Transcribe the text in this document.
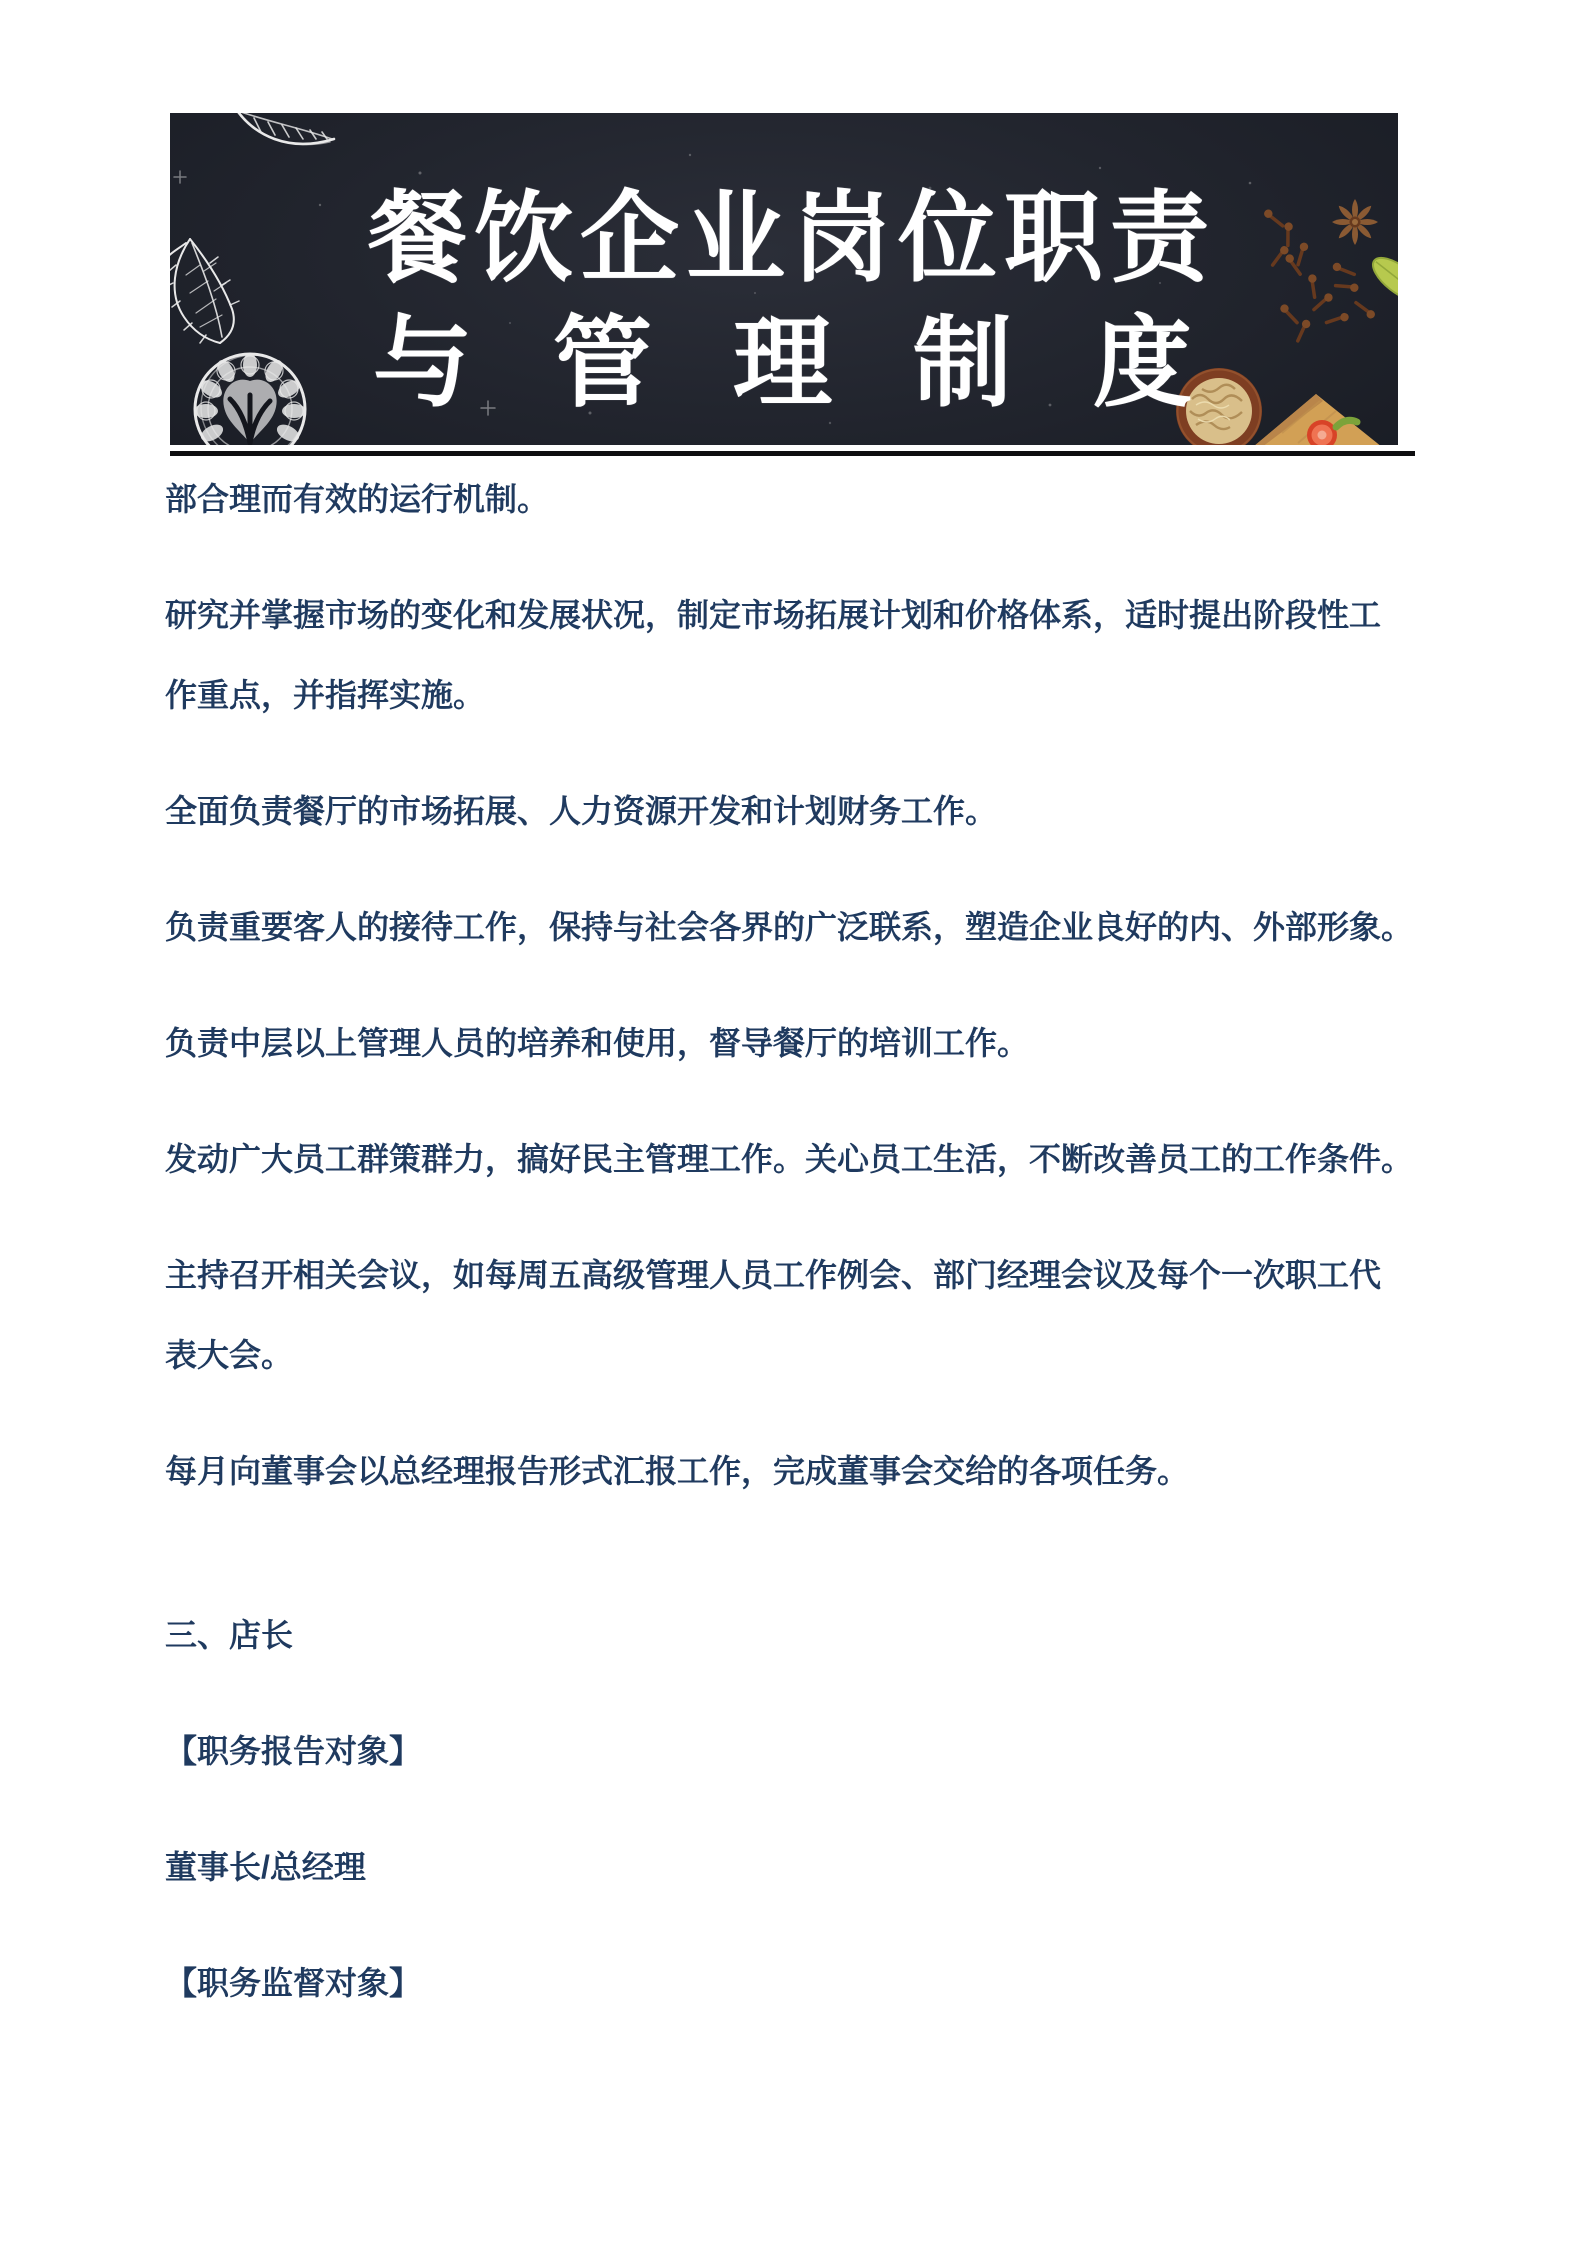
餐饮企业岗位职责
与管理制度
部合理而有效的运行机制。
研究并掌握市场的变化和发展状况，制定市场拓展计划和价格体系，适时提出阶段性工
作重点，并指挥实施。
全面负责餐厅的市场拓展、人力资源开发和计划财务工作。
负责重要客人的接待工作，保持与社会各界的广泛联系，塑造企业良好的内、外部形象。
负责中层以上管理人员的培养和使用，督导餐厅的培训工作。
发动广大员工群策群力，搞好民主管理工作。关心员工生活，不断改善员工的工作条件。
主持召开相关会议，如每周五高级管理人员工作例会、部门经理会议及每个一次职工代
表大会。
每月向董事会以总经理报告形式汇报工作，完成董事会交给的各项任务。
三、店长
【职务报告对象】
董事长/总经理
【职务监督对象】
